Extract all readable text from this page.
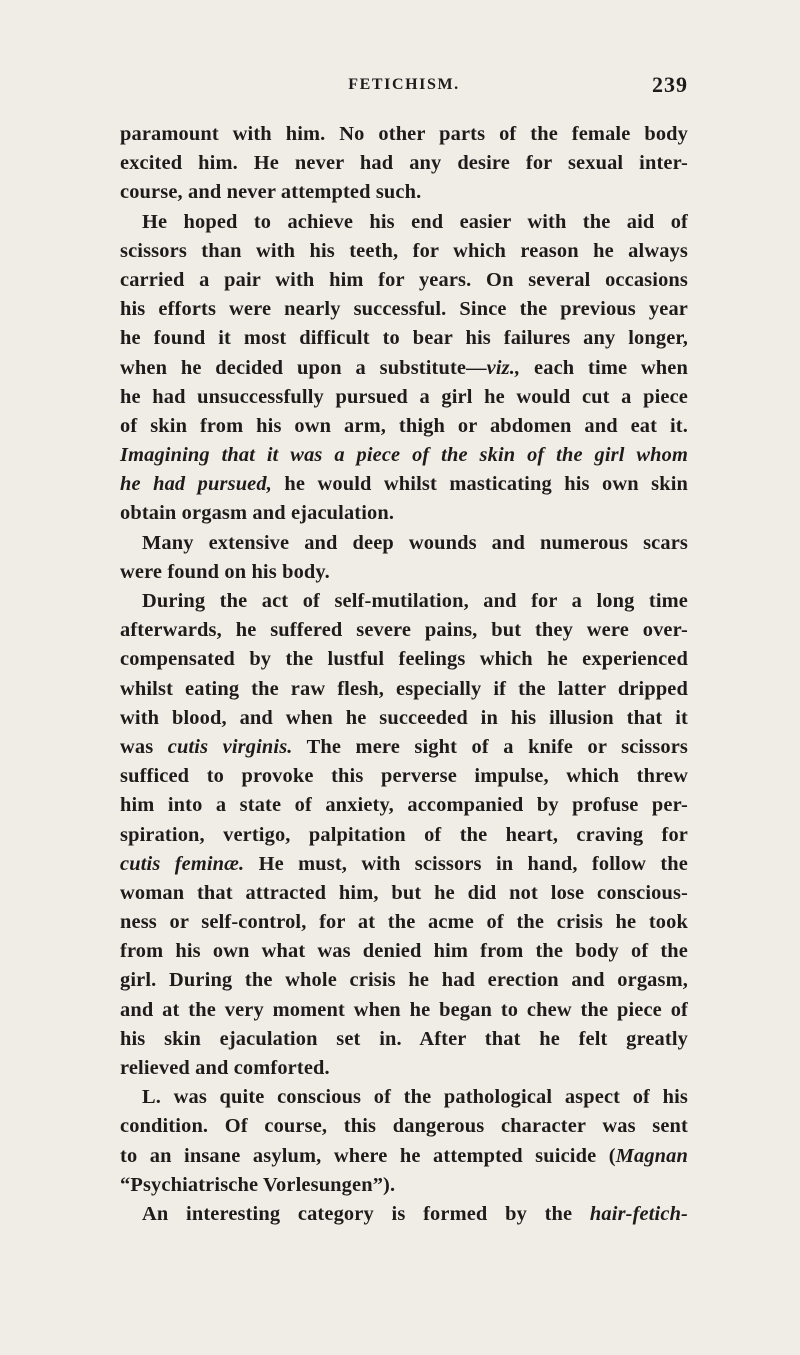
FETICHISM.	239
paramount with him. No other parts of the female body
excited him. He never had any desire for sexual inter-
course, and never attempted such.
He hoped to achieve his end easier with the aid of
scissors than with his teeth, for which reason he always
carried a pair with him for years. On several occasions
his efforts were nearly successful. Since the previous year
he found it most difficult to bear his failures any longer,
when he decided upon a substitute—viz., each time when
he had unsuccessfully pursued a girl he would cut a piece
of skin from his own arm, thigh or abdomen and eat it.
Imagining that it was a piece of the skin of the girl whom
he had pursued, he would whilst masticating his own skin
obtain orgasm and ejaculation.
Many extensive and deep wounds and numerous scars
were found on his body.
During the act of self-mutilation, and for a long time
afterwards, he suffered severe pains, but they were over-
compensated by the lustful feelings which he experienced
whilst eating the raw flesh, especially if the latter dripped
with blood, and when he succeeded in his illusion that it
was cutis virginis. The mere sight of a knife or scissors
sufficed to provoke this perverse impulse, which threw
him into a state of anxiety, accompanied by profuse per-
spiration, vertigo, palpitation of the heart, craving for
cutis feminæ. He must, with scissors in hand, follow the
woman that attracted him, but he did not lose conscious-
ness or self-control, for at the acme of the crisis he took
from his own what was denied him from the body of the
girl. During the whole crisis he had erection and orgasm,
and at the very moment when he began to chew the piece of
his skin ejaculation set in. After that he felt greatly
relieved and comforted.
L. was quite conscious of the pathological aspect of his
condition. Of course, this dangerous character was sent
to an insane asylum, where he attempted suicide (Magnan
“Psychiatrische Vorlesungen”).
An interesting category is formed by the hair-fetich-
